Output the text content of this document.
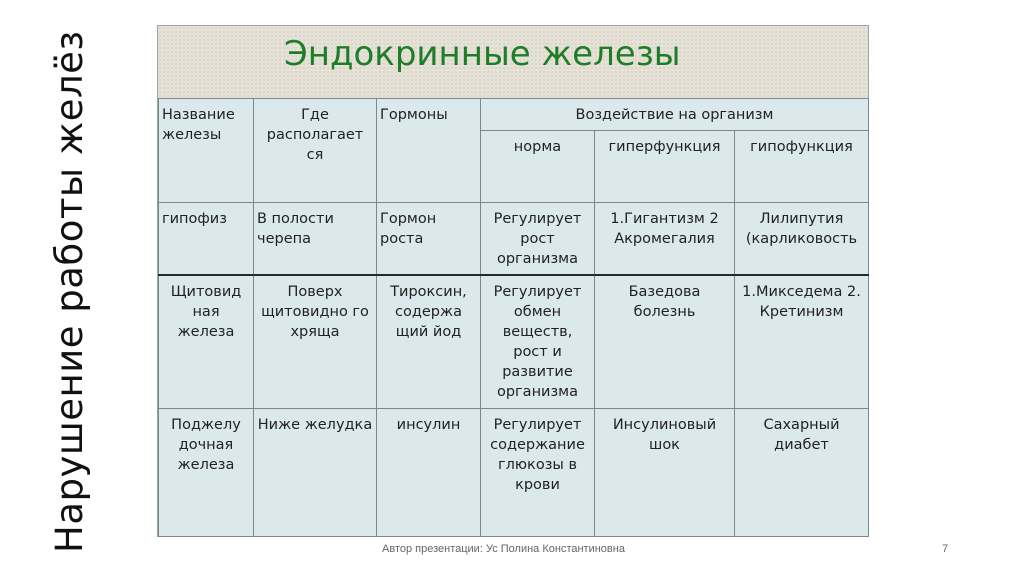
Нарушение работы желёз	Эндокринные железы
Название железы	Где располагает ся	Гормоны	Воздействие на организм		
			норма	гиперфункция	гипофункция
гипофиз	В полости черепа	Гормон роста	Регулирует рост организма	1.Гигантизм 2 Акромегалия	Лилипутия (карликовость
Щитовид ная железа	Поверх щитовидно го хряща	Тироксин, содержа щий йод	Регулирует обмен веществ, рост и развитие организма	Базедова болезнь	1.Микседема 2. Кретинизм
Поджелу дочная железа	Ниже желудка	инсулин	Регулирует содержание глюкозы в крови	Инсулиновый шок	Сахарный диабет
Автор презентации: Ус Полина Константиновна	7
